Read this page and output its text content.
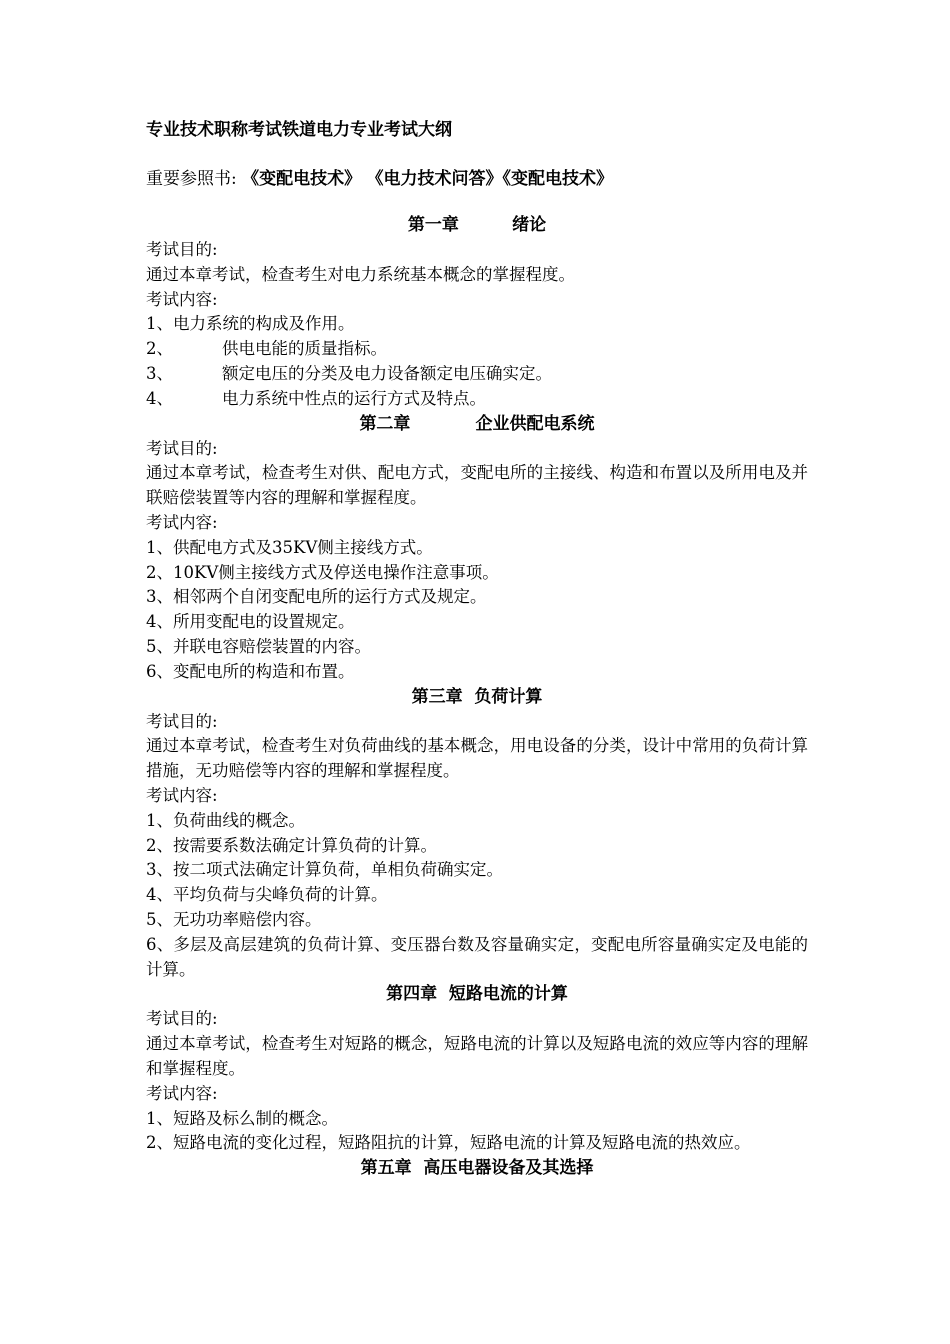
专业技术职称考试铁道电力专业考试大纲
重要参照书: 《变配电技术》 《电力技术问答》《变配电技术》
第一章	绪论

考试目的:

通过本章考试，检查考生对电力系统基本概念的掌握程度。

考试内容:

1、 电力系统的构成及作用。
2、	供电电能的质量指标。
3、	额定电压的分类及电力设备额定电压确实定。
4、	电力系统中性点的运行方式及特点。
第二章	企业供配电系统

考试目的:

通过本章考试，检查考生对供、配电方式，变配电所的主接线、构造和布置以及所用电及并联赔偿装置等内容的理解和掌握程度。

考试内容:

1、 供配电方式及35KV侧主接线方式。
2、 10KV侧主接线方式及停送电操作注意事项。
3、 相邻两个自闭变配电所的运行方式及规定。
4、 所用变配电的设置规定。
5、 并联电容赔偿装置的内容。
6、 变配电所的构造和布置。
第三章 负荷计算

考试目的:

通过本章考试，检查考生对负荷曲线的基本概念，用电设备的分类，设计中常用的负荷计算措施，无功赔偿等内容的理解和掌握程度。

考试内容:

1、 负荷曲线的概念。
2、 按需要系数法确定计算负荷的计算。
3、 按二项式法确定计算负荷，单相负荷确实定。
4、 平均负荷与尖峰负荷的计算。
5、 无功功率赔偿内容。

6、多层及高层建筑的负荷计算、变压器台数及容量确实定，变配电所容量确实定及电能的计算。

第四章 短路电流的计算

考试目的:

通过本章考试，检查考生对短路的概念，短路电流的计算以及短路电流的效应等内容的理解和掌握程度。

考试内容:

1、 短路及标么制的概念。

2、短路电流的变化过程，短路阻抗的计算，短路电流的计算及短路电流的热效应。

第五章 高压电器设备及其选择
